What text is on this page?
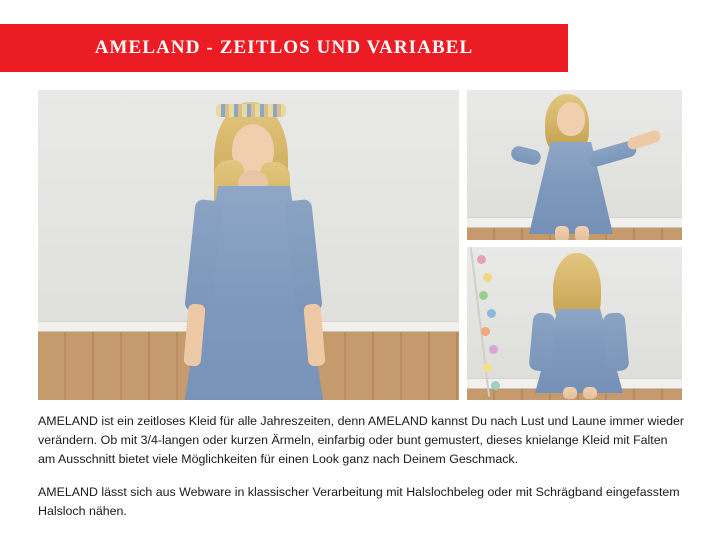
AMELAND - ZEITLOS UND VARIABEL

AMELAND ist ein zeitloses Kleid für alle Jahreszeiten, denn AMELAND kannst Du nach Lust und Laune immer wieder verändern. Ob mit 3/4-langen oder kurzen Ärmeln, einfarbig oder bunt gemustert, dieses knielange Kleid mit Falten am Ausschnitt bietet viele Möglichkeiten für einen Look ganz nach Deinem Geschmack.

AMELAND lässt sich aus Webware in klassischer Verarbeitung mit Halslochbeleg oder mit Schrägband eingefasstem Halsloch nähen.
